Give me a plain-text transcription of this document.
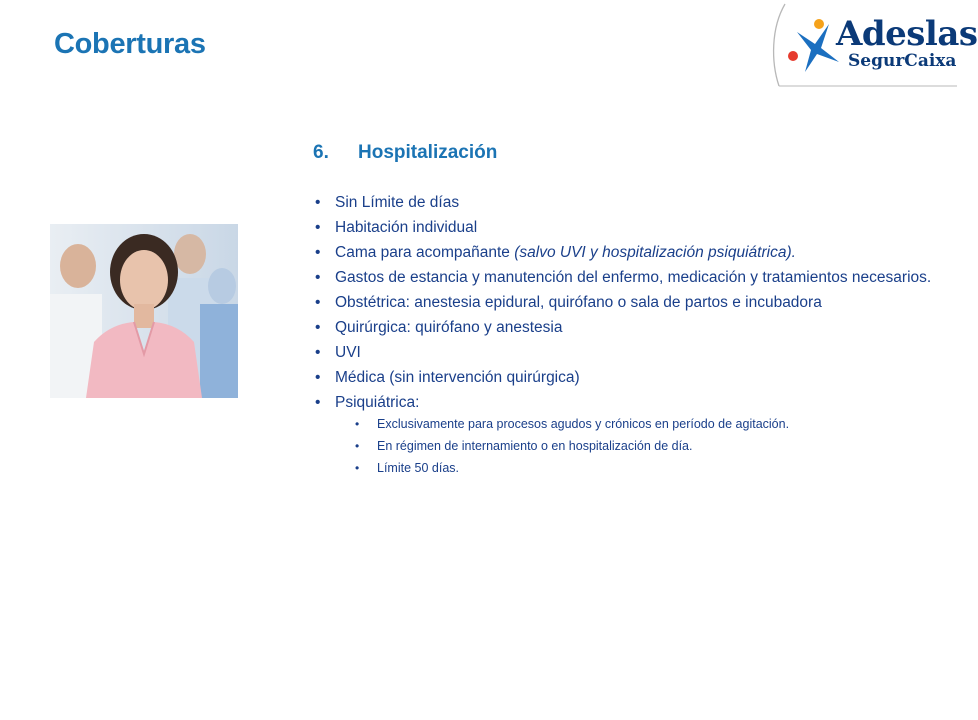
Coberturas	Adeslas
SegurCaixa
6. Hospitalización
• Sin Límite de días
• Habitación individual
• Cama para acompañante (salvo UVI y hospitalización psiquiátrica).
• Gastos de estancia y manutención del enfermo, medicación y tratamientos necesarios.
• Obstétrica: anestesia epidural, quirófano o sala de partos e incubadora
• Quirúrgica: quirófano y anestesia
• UVI
• Médica (sin intervención quirúrgica)
• Psiquiátrica:
• Exclusivamente para procesos agudos y crónicos en período de agitación.
• En régimen de internamiento o en hospitalización de día.
• Límite 50 días.
